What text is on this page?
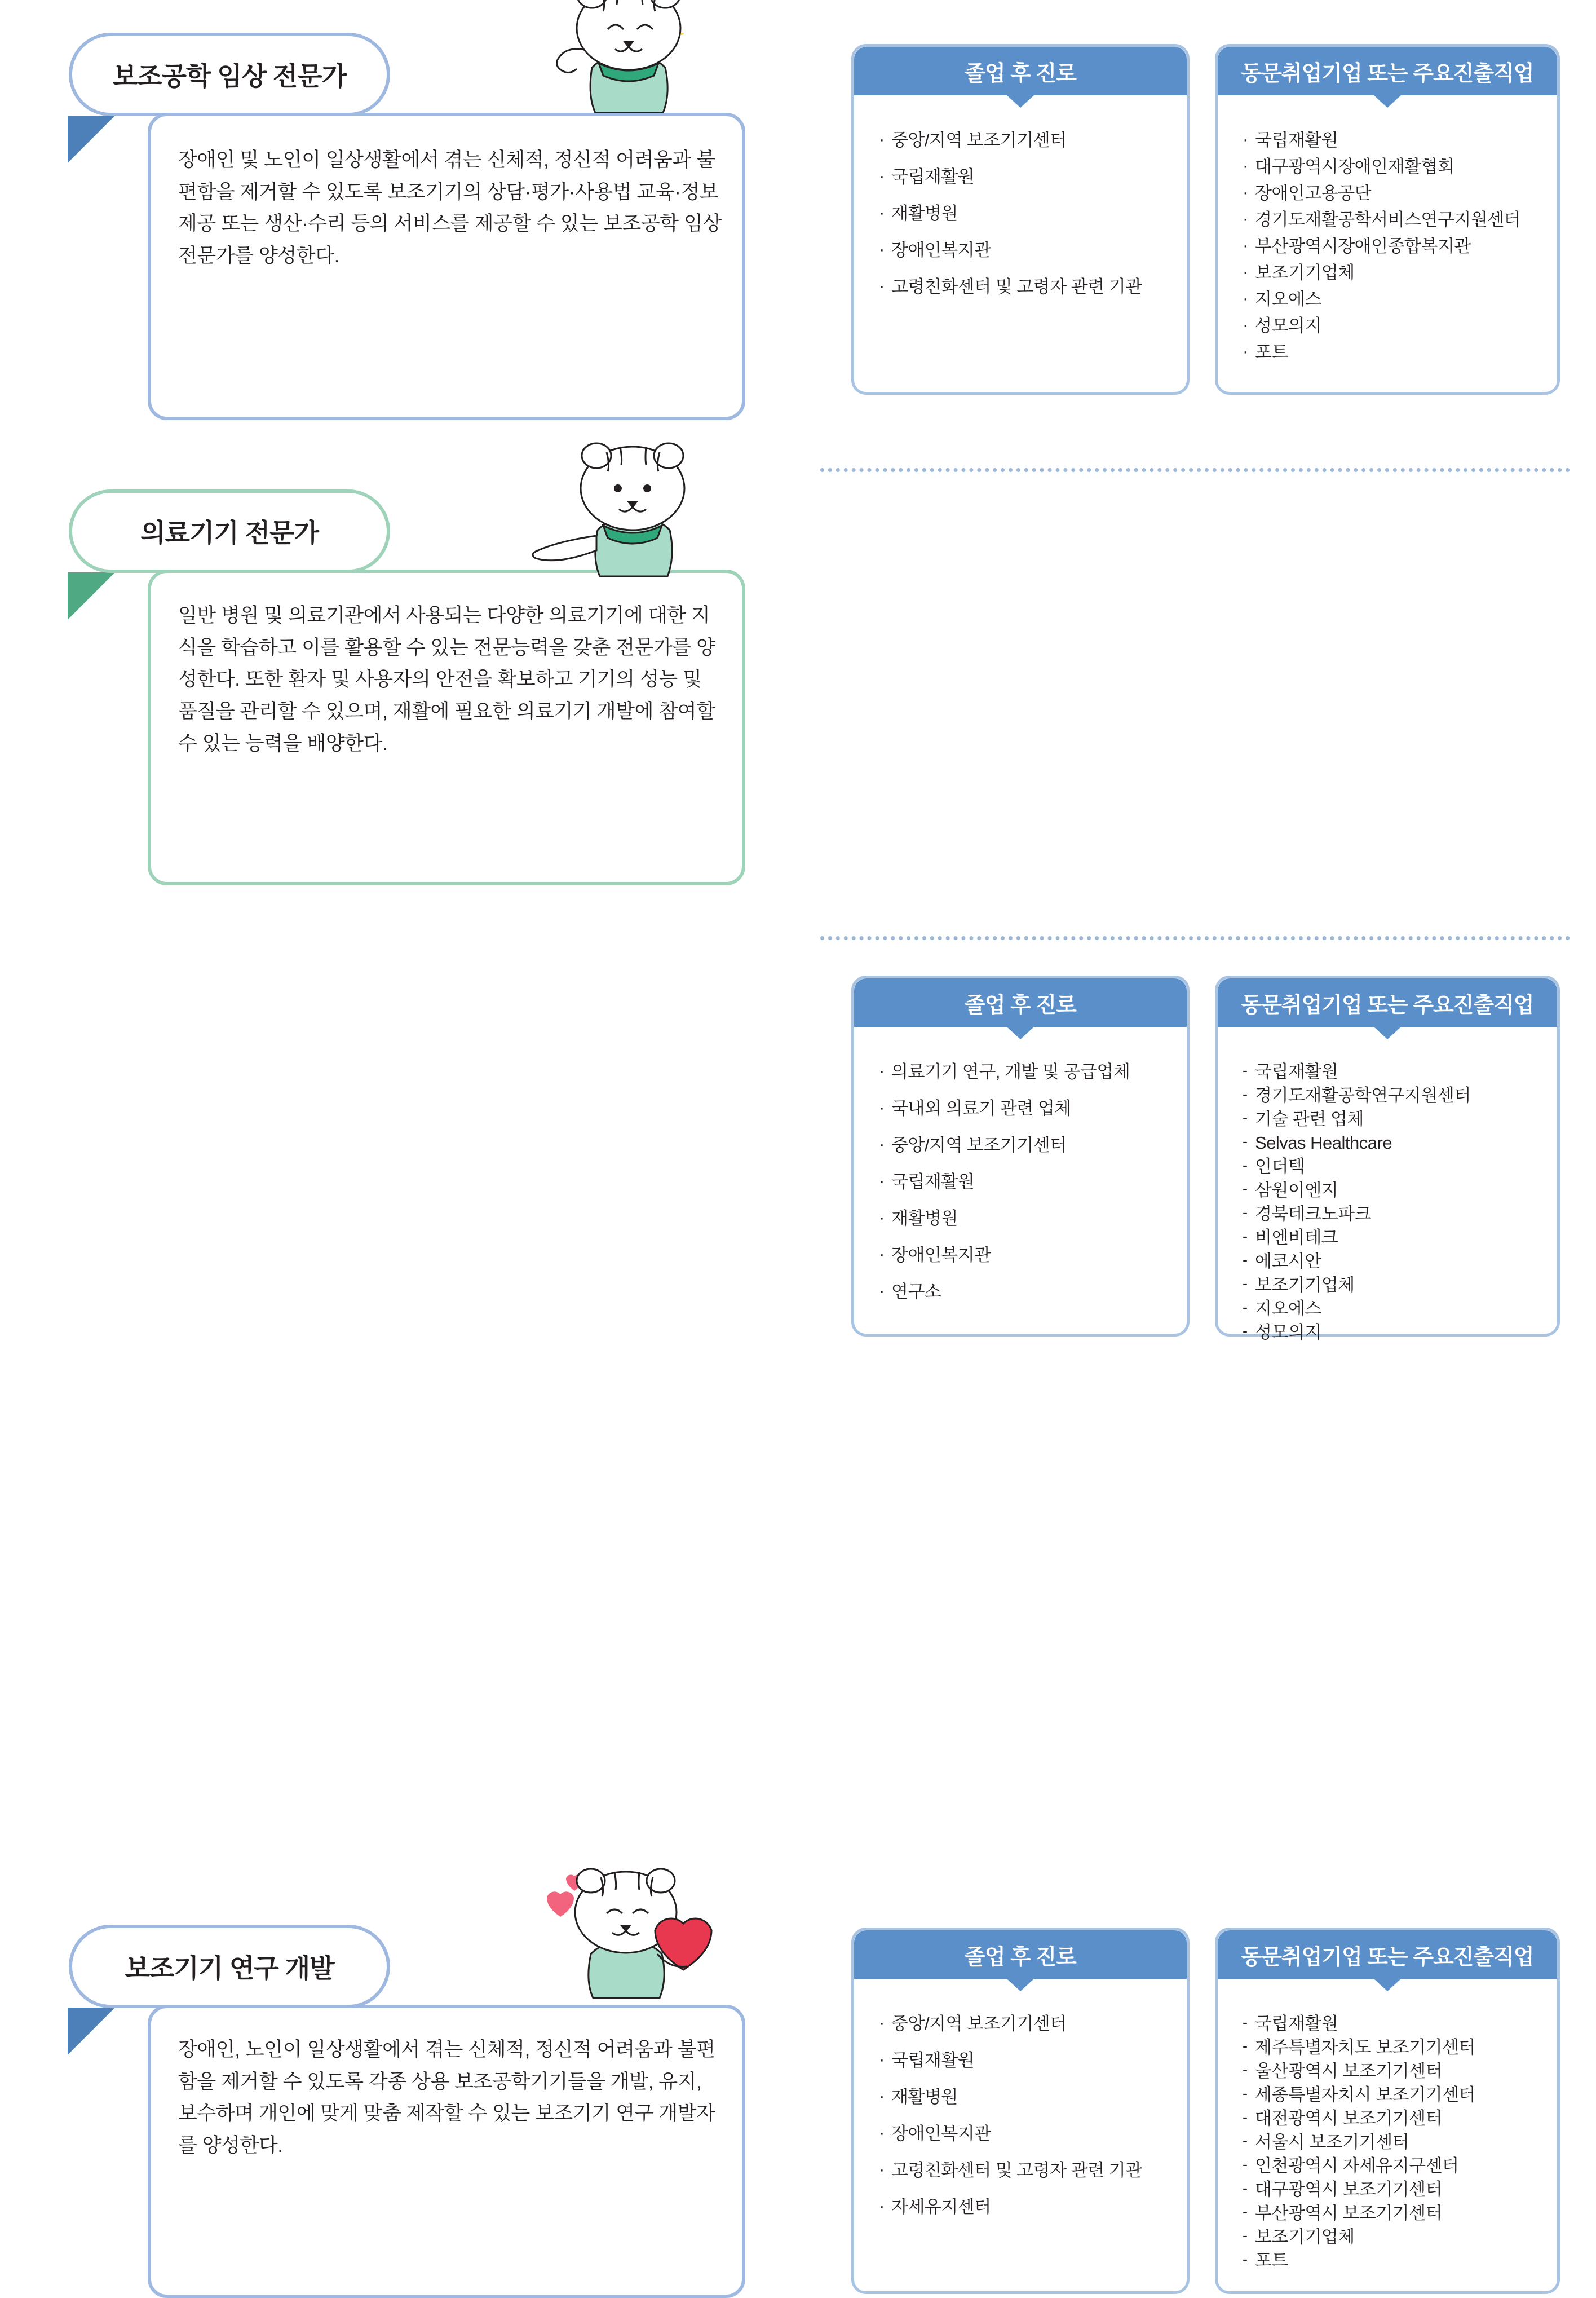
장애인 및 노인이 일상생활에서 겪는 신체적, 정신적 어려움과 불편함을 제거할 수 있도록 보조기기의 상담·평가·사용법 교육·정보제공 또는 생산·수리 등의 서비스를 제공할 수 있는 보조공학 임상 전문가를 양성한다.
보조공학 임상 전문가	졸업 후 진로
· 중앙/지역 보조기기센터
· 국립재활원
· 재활병원
· 장애인복지관
· 고령친화센터 및 고령자 관련 기관
동문취업기업 또는 주요진출직업
· 국립재활원
· 대구광역시장애인재활협회
· 장애인고용공단
· 경기도재활공학서비스연구지원센터
· 부산광역시장애인종합복지관
· 보조기기업체
· 지오에스
· 성모의지
· 포트
일반 병원 및 의료기관에서 사용되는 다양한 의료기기에 대한 지식을 학습하고 이를 활용할 수 있는 전문능력을 갖춘 전문가를 양성한다. 또한 환자 및 사용자의 안전을 확보하고 기기의 성능 및 품질을 관리할 수 있으며, 재활에 필요한 의료기기 개발에 참여할 수 있는 능력을 배양한다.
의료기기 전문가
졸업 후 진로
· 의료기기 연구, 개발 및 공급업체
· 국내외 의료기 관련 업체
· 중앙/지역 보조기기센터
· 국립재활원
· 재활병원
· 장애인복지관
· 연구소
동문취업기업 또는 주요진출직업
- 국립재활원
- 경기도재활공학연구지원센터
- 기술 관련 업체
- Selvas Healthcare
- 인더텍
- 삼원이엔지
- 경북테크노파크
- 비엔비테크
- 에코시안
- 보조기기업체
- 지오에스
- 성모의지
장애인, 노인이 일상생활에서 겪는 신체적, 정신적 어려움과 불편함을 제거할 수 있도록 각종 상용 보조공학기기들을 개발, 유지, 보수하며 개인에 맞게 맞춤 제작할 수 있는 보조기기 연구 개발자를 양성한다.
보조기기 연구 개발	졸업 후 진로
· 중앙/지역 보조기기센터
· 국립재활원
· 재활병원
· 장애인복지관
· 고령친화센터 및 고령자 관련 기관
· 자세유지센터
동문취업기업 또는 주요진출직업
- 국립재활원
- 제주특별자치도 보조기기센터
- 울산광역시 보조기기센터
- 세종특별자치시 보조기기센터
- 대전광역시 보조기기센터
- 서울시 보조기기센터
- 인천광역시 자세유지구센터
- 대구광역시 보조기기센터
- 부산광역시 보조기기센터
- 보조기기업체
- 포트
